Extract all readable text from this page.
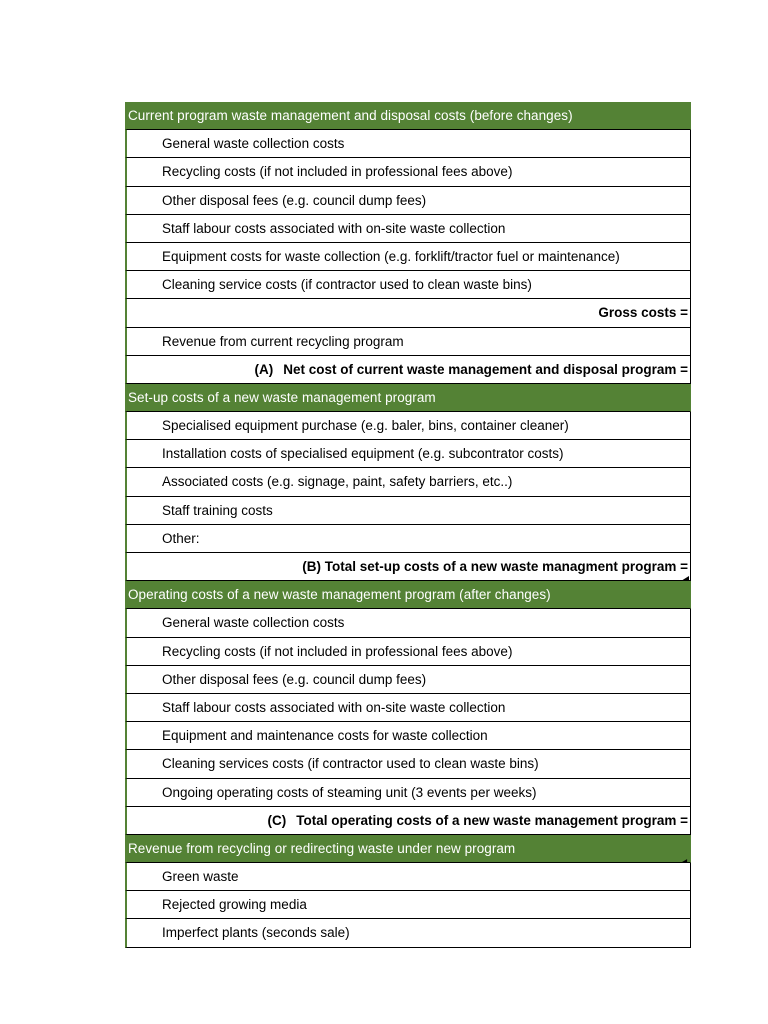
Current program waste management and disposal costs (before changes)
General waste collection costs
Recycling costs (if not included in professional fees above)
Other disposal fees (e.g. council dump fees)
Staff labour costs associated with on-site waste collection
Equipment costs for waste collection (e.g. forklift/tractor fuel or maintenance)
Cleaning service costs (if contractor used to clean waste bins)
Gross costs =
Revenue from current recycling program
(A) Net cost of current waste management and disposal program =
Set-up costs of a new waste management program
Specialised equipment purchase (e.g. baler, bins, container cleaner)
Installation costs of specialised equipment (e.g. subcontrator costs)
Associated costs (e.g. signage, paint, safety barriers, etc..)
Staff training costs
Other:
(B) Total set-up costs of a new waste managment program =
Operating costs of a new waste management program (after changes)
General waste collection costs
Recycling costs (if not included in professional fees above)
Other disposal fees (e.g. council dump fees)
Staff labour costs associated with on-site waste collection
Equipment and maintenance costs for waste collection
Cleaning services costs (if contractor used to clean waste bins)
Ongoing operating costs of steaming unit (3 events per weeks)
(C) Total operating costs of a new waste management program =
Revenue from recycling or redirecting waste under new program
Green waste
Rejected growing media
Imperfect plants (seconds sale)
